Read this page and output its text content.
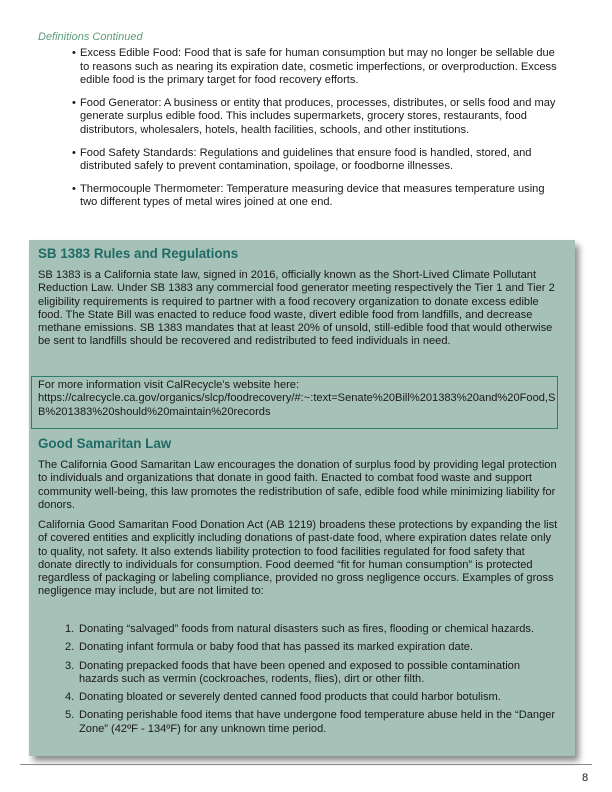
Definitions Continued
• Excess Edible Food: Food that is safe for human consumption but may no longer be sellable due to reasons such as nearing its expiration date, cosmetic imperfections, or overproduction. Excess edible food is the primary target for food recovery efforts.
• Food Generator: A business or entity that produces, processes, distributes, or sells food and may generate surplus edible food. This includes supermarkets, grocery stores, restaurants, food distributors, wholesalers, hotels, health facilities, schools, and other institutions.
• Food Safety Standards: Regulations and guidelines that ensure food is handled, stored, and distributed safely to prevent contamination, spoilage, or foodborne illnesses.
• Thermocouple Thermometer: Temperature measuring device that measures temperature using two different types of metal wires joined at one end.
SB 1383 Rules and Regulations

SB 1383 is a California state law, signed in 2016, officially known as the Short-Lived Climate Pollutant Reduction Law. Under SB 1383 any commercial food generator meeting respectively the Tier 1 and Tier 2 eligibility requirements is required to partner with a food recovery organization to donate excess edible food. The State Bill was enacted to reduce food waste, divert edible food from landfills, and decrease methane emissions. SB 1383 mandates that at least 20% of unsold, still-edible food that would otherwise be sent to landfills should be recovered and redistributed to feed individuals in need.

For more information visit CalRecycle's website here:
https://calrecycle.ca.gov/organics/slcp/foodrecovery/#:~:text=Senate%20Bill%201383%20and%20Food,SB%201383%20should%20maintain%20records
Good Samaritan Law

The California Good Samaritan Law encourages the donation of surplus food by providing legal protection to individuals and organizations that donate in good faith. Enacted to combat food waste and support community well-being, this law promotes the redistribution of safe, edible food while minimizing liability for donors.

California Good Samaritan Food Donation Act (AB 1219) broadens these protections by expanding the list of covered entities and explicitly including donations of past-date food, where expiration dates relate only to quality, not safety. It also extends liability protection to food facilities regulated for food safety that donate directly to individuals for consumption. Food deemed “fit for human consumption” is protected regardless of packaging or labeling compliance, provided no gross negligence occurs. Examples of gross negligence may include, but are not limited to:

1. Donating “salvaged” foods from natural disasters such as fires, flooding or chemical hazards.
2. Donating infant formula or baby food that has passed its marked expiration date.
3. Donating prepacked foods that have been opened and exposed to possible contamination hazards such as vermin (cockroaches, rodents, flies), dirt or other filth.
4. Donating bloated or severely dented canned food products that could harbor botulism.
5. Donating perishable food items that have undergone food temperature abuse held in the “Danger Zone” (42ºF - 134ºF) for any unknown time period.
8
